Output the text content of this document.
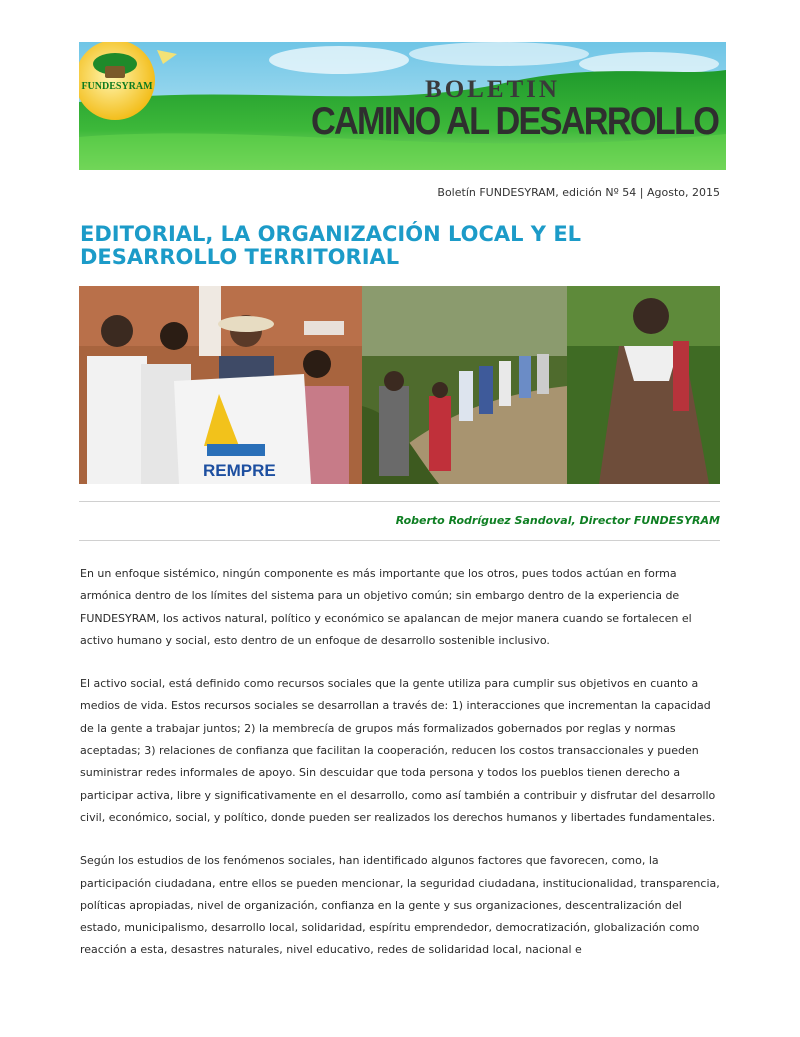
FUNDESYRAM	BOLETIN
CAMINO AL DESARROLLO
Boletín FUNDESYRAM, edición Nº 54 | Agosto, 2015
EDITORIAL, LA ORGANIZACIÓN LOCAL Y EL DESARROLLO TERRITORIAL
REMPRE
Roberto Rodríguez Sandoval, Director FUNDESYRAM

En un enfoque sistémico, ningún componente es más importante que los otros, pues todos actúan en forma armónica dentro de los límites del sistema para un objetivo común; sin embargo dentro de la experiencia de FUNDESYRAM, los activos natural, político y económico se apalancan de mejor manera cuando se fortalecen el activo humano y social, esto dentro de un enfoque de desarrollo sostenible inclusivo.

El activo social, está definido como recursos sociales que la gente utiliza para cumplir sus objetivos en cuanto a medios de vida. Estos recursos sociales se desarrollan a través de: 1) interacciones que incrementan la capacidad de la gente a trabajar juntos; 2) la membrecía de grupos más formalizados gobernados por reglas y normas aceptadas; 3) relaciones de confianza que facilitan la cooperación, reducen los costos transaccionales y pueden suministrar redes informales de apoyo. Sin descuidar que toda persona y todos los pueblos tienen derecho a participar activa, libre y significativamente en el desarrollo, como así también a contribuir y disfrutar del desarrollo civil, económico, social, y político, donde pueden ser realizados los derechos humanos y libertades fundamentales.

Según los estudios de los fenómenos sociales, han identificado algunos factores que favorecen, como, la participación ciudadana, entre ellos se pueden mencionar, la seguridad ciudadana, institucionalidad, transparencia, políticas apropiadas, nivel de organización, confianza en la gente y sus organizaciones, descentralización del estado, municipalismo, desarrollo local, solidaridad, espíritu emprendedor, democratización, globalización como reacción a esta, desastres naturales, nivel educativo, redes de solidaridad local, nacional e
